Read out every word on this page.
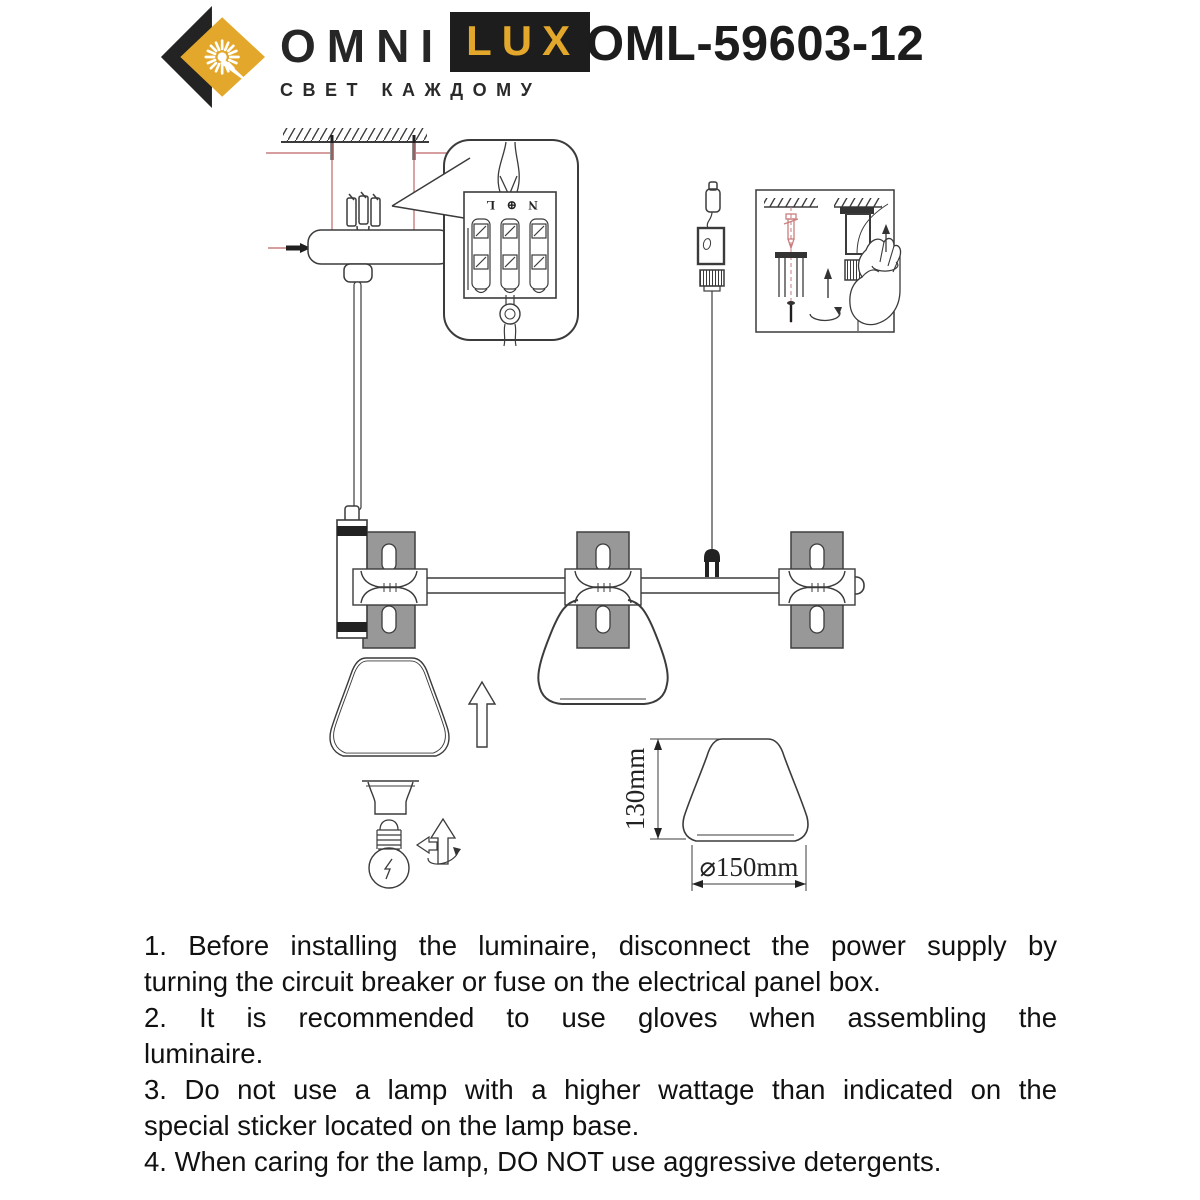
OMNI LUX
СВЕТ КАЖДОМУ
OML-59603-12
N ⊕ L
130mm
⌀150mm
1. Before installing the luminaire, disconnect the power supply by
turning the circuit breaker or fuse on the electrical panel box.
2. It is recommended to use gloves when assembling the
luminaire.
3. Do not use a lamp with a higher wattage than indicated on the
special sticker located on the lamp base.
4. When caring for the lamp, DO NOT use aggressive detergents.
